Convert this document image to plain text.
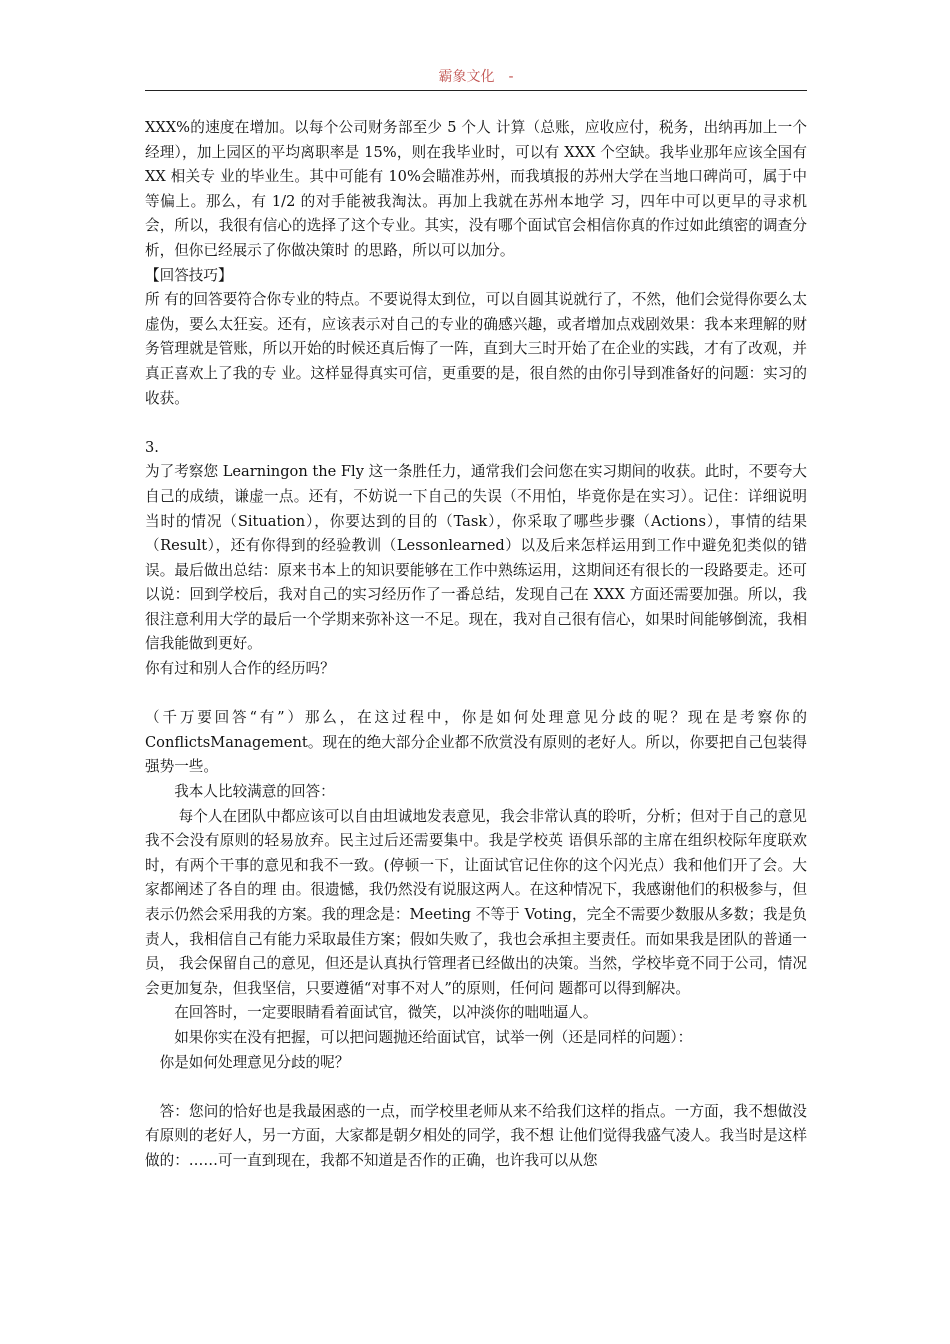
霸象文化　-

XXX%的速度在增加。以每个公司财务部至少 5 个人 计算（总账，应收应付，税务，出纳再加上一个经理），加上园区的平均离职率是 15%，则在我毕业时，可以有 XXX 个空缺。我毕业那年应该全国有 XX 相关专 业的毕业生。其中可能有 10%会瞄准苏州，而我填报的苏州大学在当地口碑尚可，属于中等偏上。那么，有 1/2 的对手能被我淘汰。再加上我就在苏州本地学 习，四年中可以更早的寻求机会，所以，我很有信心的选择了这个专业。其实，没有哪个面试官会相信你真的作过如此缜密的调查分析，但你已经展示了你做决策时 的思路，所以可以加分。

【回答技巧】

所 有的回答要符合你专业的特点。不要说得太到位，可以自圆其说就行了，不然，他们会觉得你要么太虚伪，要么太狂妄。还有，应该表示对自己的专业的确感兴趣，或者增加点戏剧效果：我本来理解的财务管理就是管账，所以开始的时候还真后悔了一阵，直到大三时开始了在企业的实践，才有了改观，并真正喜欢上了我的专 业。这样显得真实可信，更重要的是，很自然的由你引导到准备好的问题：实习的收获。

3.

为了考察您 Learningon the Fly 这一条胜任力，通常我们会问您在实习期间的收获。此时，不要夸大自己的成绩，谦虚一点。还有，不妨说一下自己的失误（不用怕，毕竟你是在实习）。记住：详细说明当时的情况（Situation），你要达到的目的（Task），你采取了哪些步骤（Actions），事情的结果（Result），还有你得到的经验教训（Lessonlearned）以及后来怎样运用到工作中避免犯类似的错误。最后做出总结：原来书本上的知识要能够在工作中熟练运用，这期间还有很长的一段路要走。还可以说：回到学校后，我对自己的实习经历作了一番总结，发现自己在 XXX 方面还需要加强。所以，我很注意利用大学的最后一个学期来弥补这一不足。现在，我对自己很有信心，如果时间能够倒流，我相信我能做到更好。

你有过和别人合作的经历吗？

（千万要回答“有”）那么，在这过程中，你是如何处理意见分歧的呢？现在是考察你的 ConflictsManagement。现在的绝大部分企业都不欣赏没有原则的老好人。所以，你要把自己包装得强势一些。

我本人比较满意的回答：

每个人在团队中都应该可以自由坦诚地发表意见，我会非常认真的聆听，分析；但对于自己的意见我不会没有原则的轻易放弃。民主过后还需要集中。我是学校英 语俱乐部的主席在组织校际年度联欢时，有两个干事的意见和我不一致。(停顿一下，让面试官记住你的这个闪光点）我和他们开了会。大家都阐述了各自的理 由。很遗憾，我仍然没有说服这两人。在这种情况下，我感谢他们的积极参与，但表示仍然会采用我的方案。我的理念是：Meeting 不等于 Voting，完全不需要少数服从多数；我是负责人，我相信自己有能力采取最佳方案；假如失败了，我也会承担主要责任。而如果我是团队的普通一员， 我会保留自己的意见，但还是认真执行管理者已经做出的决策。当然，学校毕竟不同于公司，情况会更加复杂，但我坚信，只要遵循“对事不对人”的原则，任何问 题都可以得到解决。

在回答时，一定要眼睛看着面试官，微笑，以冲淡你的咄咄逼人。

如果你实在没有把握，可以把问题抛还给面试官，试举一例（还是同样的问题）：

你是如何处理意见分歧的呢？

答：您问的恰好也是我最困惑的一点，而学校里老师从来不给我们这样的指点。一方面，我不想做没有原则的老好人，另一方面，大家都是朝夕相处的同学，我不想 让他们觉得我盛气凌人。我当时是这样做的：……可一直到现在，我都不知道是否作的正确，也许我可以从您
